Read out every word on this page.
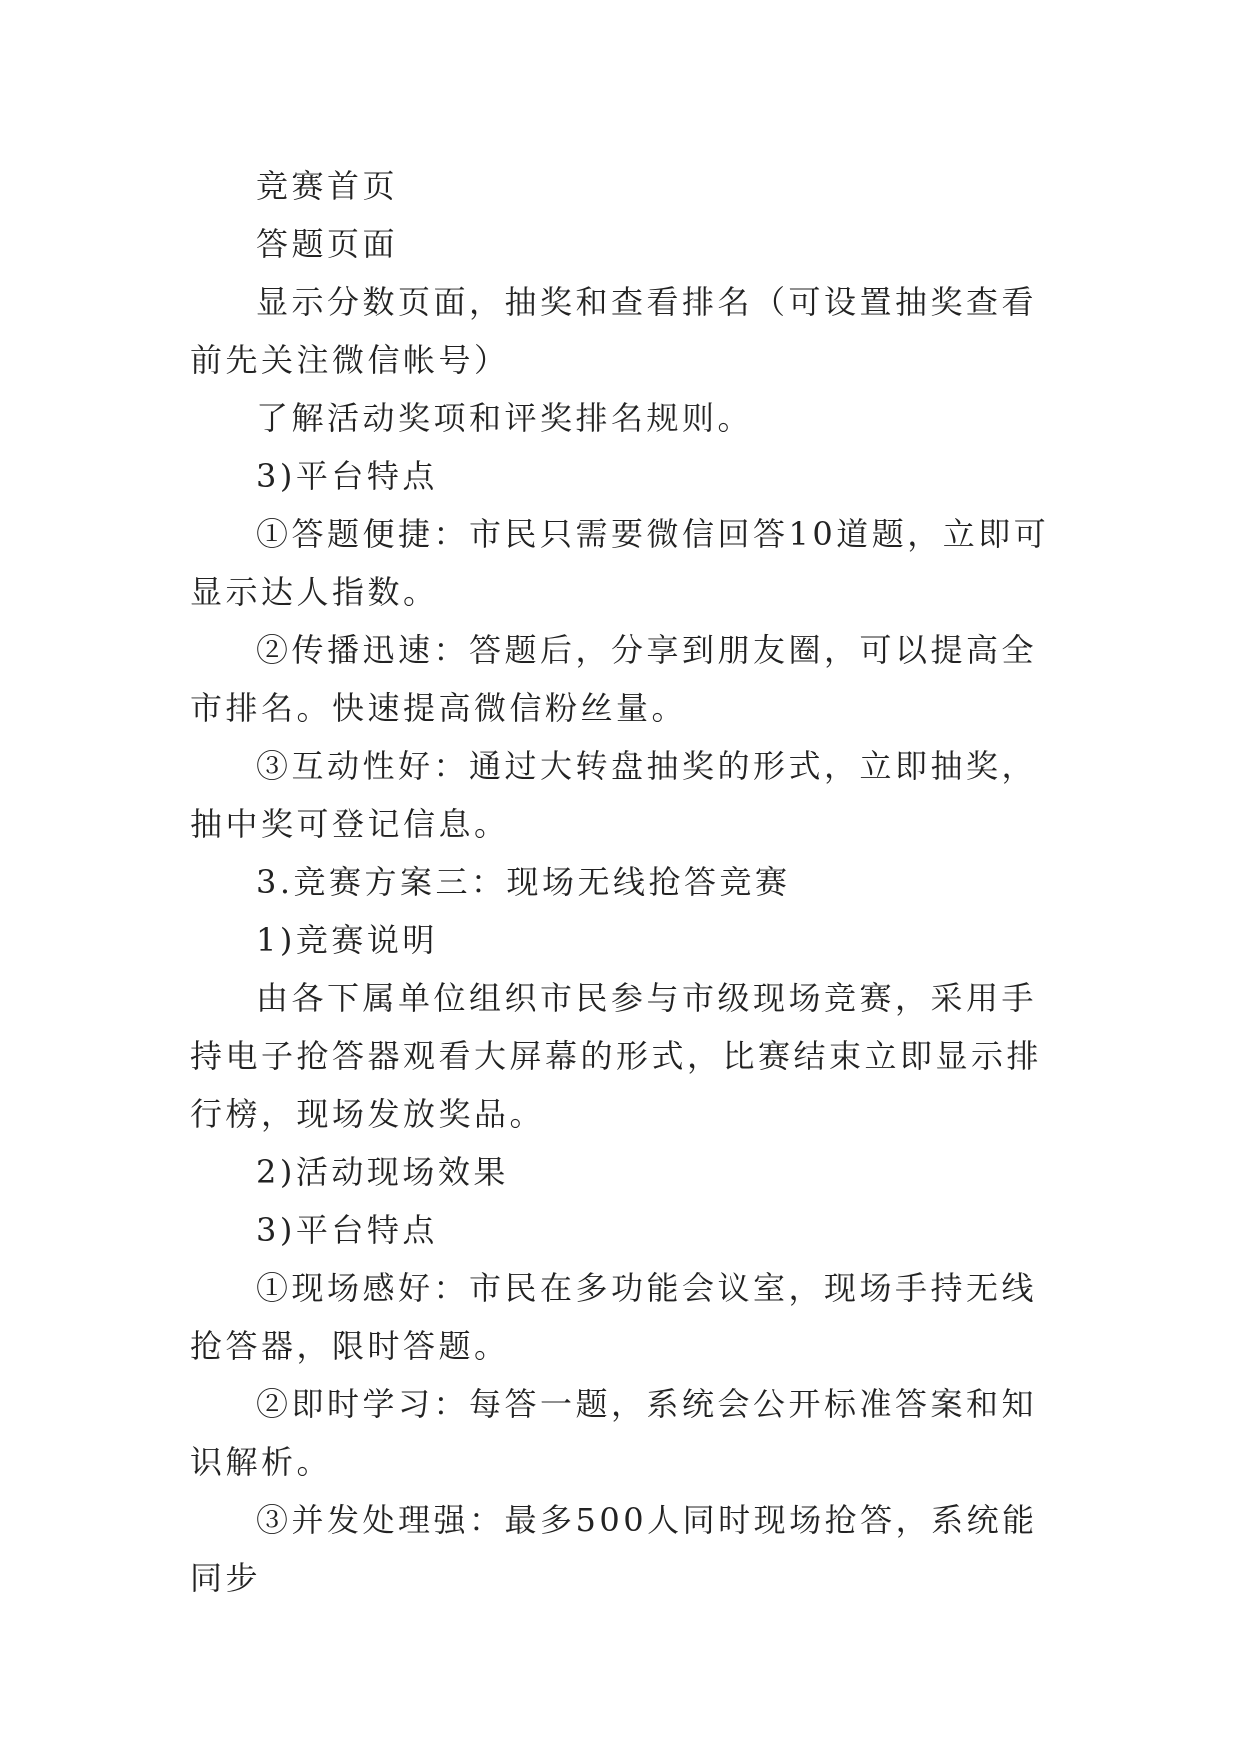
竞赛首页

答题页面

显示分数页面，抽奖和查看排名（可设置抽奖查看前先关注微信帐号）

了解活动奖项和评奖排名规则。

3)平台特点

①答题便捷：市民只需要微信回答10道题，立即可显示达人指数。

②传播迅速：答题后，分享到朋友圈，可以提高全市排名。快速提高微信粉丝量。

③互动性好：通过大转盘抽奖的形式，立即抽奖，抽中奖可登记信息。

3.竞赛方案三：现场无线抢答竞赛

1)竞赛说明

由各下属单位组织市民参与市级现场竞赛，采用手持电子抢答器观看大屏幕的形式，比赛结束立即显示排行榜，现场发放奖品。

2)活动现场效果

3)平台特点

①现场感好：市民在多功能会议室，现场手持无线抢答器，限时答题。

②即时学习：每答一题，系统会公开标准答案和知识解析。

③并发处理强：最多500人同时现场抢答，系统能同步
